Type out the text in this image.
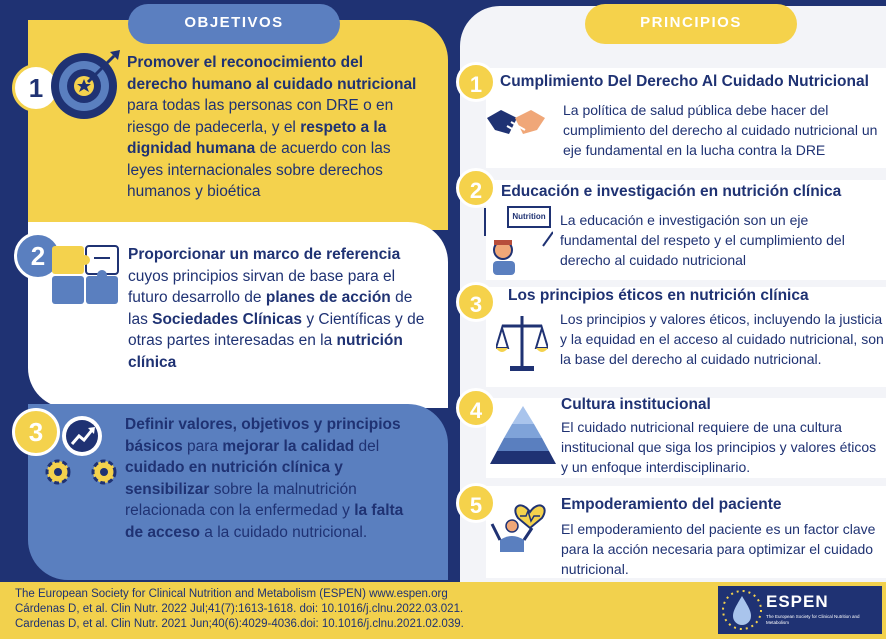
OBJETIVOS
1
Promover el reconocimiento del derecho humano al cuidado nutricional para todas las personas con DRE o en riesgo de padecerla, y el respeto a la dignidad humana de acuerdo con las leyes internacionales sobre derechos humanos y bioética
2	Proporcionar un marco de referencia cuyos principios sirvan de base para el futuro desarrollo de planes de acción de las Sociedades Clínicas y Científicas y de otras partes interesadas en la nutrición clínica
3	Definir valores, objetivos y principios básicos para mejorar la calidad del cuidado en nutrición clínica y sensibilizar sobre la malnutrición relacionada con la enfermedad y la falta de acceso a la cuidado nutricional.
PRINCIPIOS
1	Cumplimiento Del Derecho Al Cuidado Nutricional
La política de salud pública debe hacer del cumplimiento del derecho al cuidado nutricional un eje fundamental en la lucha contra la DRE
2	Educación e investigación en nutrición clínica
Nutrition	La educación e investigación son un eje fundamental del respeto y el cumplimiento del derecho al cuidado nutricional
3	Los principios éticos en nutrición clínica
Los principios y valores éticos, incluyendo la justicia y la equidad en el acceso al cuidado nutricional, son la base del derecho al cuidado nutricional.
4	Cultura institucional
El cuidado nutricional requiere de una cultura institucional que siga los principios y valores éticos y un enfoque interdisciplinario.
5	Empoderamiento del paciente
El empoderamiento del paciente es un factor clave para la acción necesaria para optimizar el cuidado nutricional.
The European Society for Clinical Nutrition and Metabolism (ESPEN) www.espen.org
Cárdenas D, et al. Clin Nutr. 2022 Jul;41(7):1613-1618. doi: 10.1016/j.clnu.2022.03.021.
Cardenas D, et al. Clin Nutr. 2021 Jun;40(6):4029-4036.doi: 10.1016/j.clnu.2021.02.039.
ESPEN
The European Society for Clinical Nutrition and Metabolism
